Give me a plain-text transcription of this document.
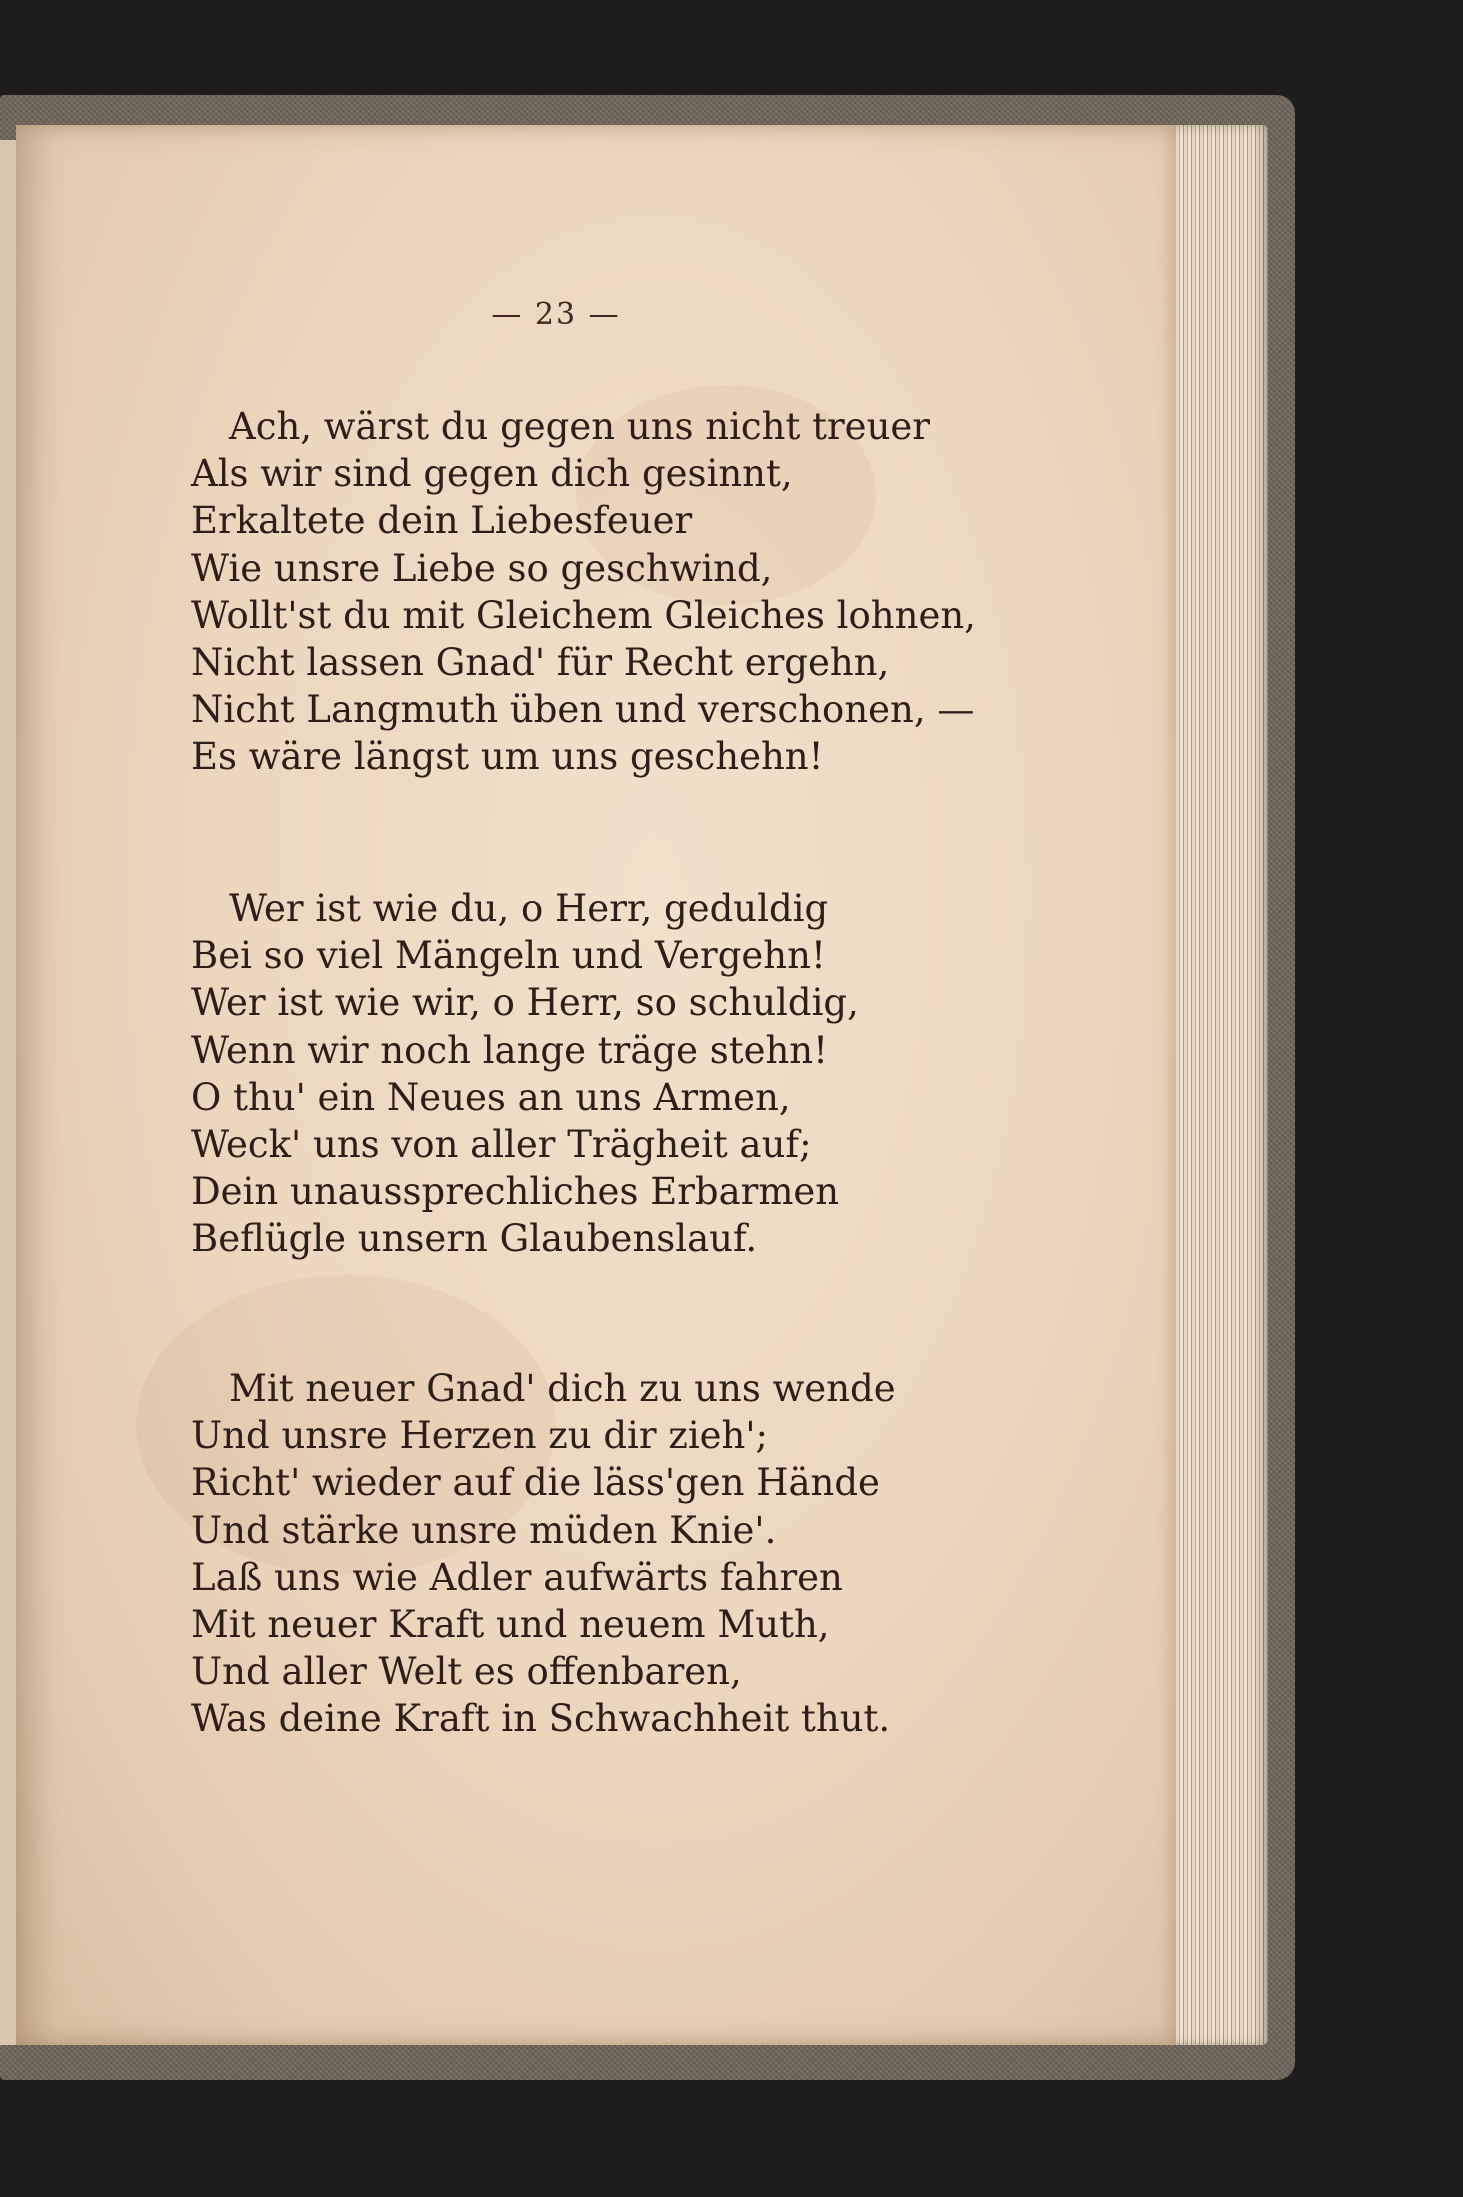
— 23 —
Ach, wärst du gegen uns nicht treuer
Als wir sind gegen dich gesinnt,
Erkaltete dein Liebesfeuer
Wie unsre Liebe so geschwind,
Wollt'st du mit Gleichem Gleiches lohnen,
Nicht lassen Gnad' für Recht ergehn,
Nicht Langmuth üben und verschonen, —
Es wäre längst um uns geschehn!
Wer ist wie du, o Herr, geduldig
Bei so viel Mängeln und Vergehn!
Wer ist wie wir, o Herr, so schuldig,
Wenn wir noch lange träge stehn!
O thu' ein Neues an uns Armen,
Weck' uns von aller Trägheit auf;
Dein unaussprechliches Erbarmen
Beflügle unsern Glaubenslauf.
Mit neuer Gnad' dich zu uns wende
Und unsre Herzen zu dir zieh';
Richt' wieder auf die läss'gen Hände
Und stärke unsre müden Knie'.
Laß uns wie Adler aufwärts fahren
Mit neuer Kraft und neuem Muth,
Und aller Welt es offenbaren,
Was deine Kraft in Schwachheit thut.
